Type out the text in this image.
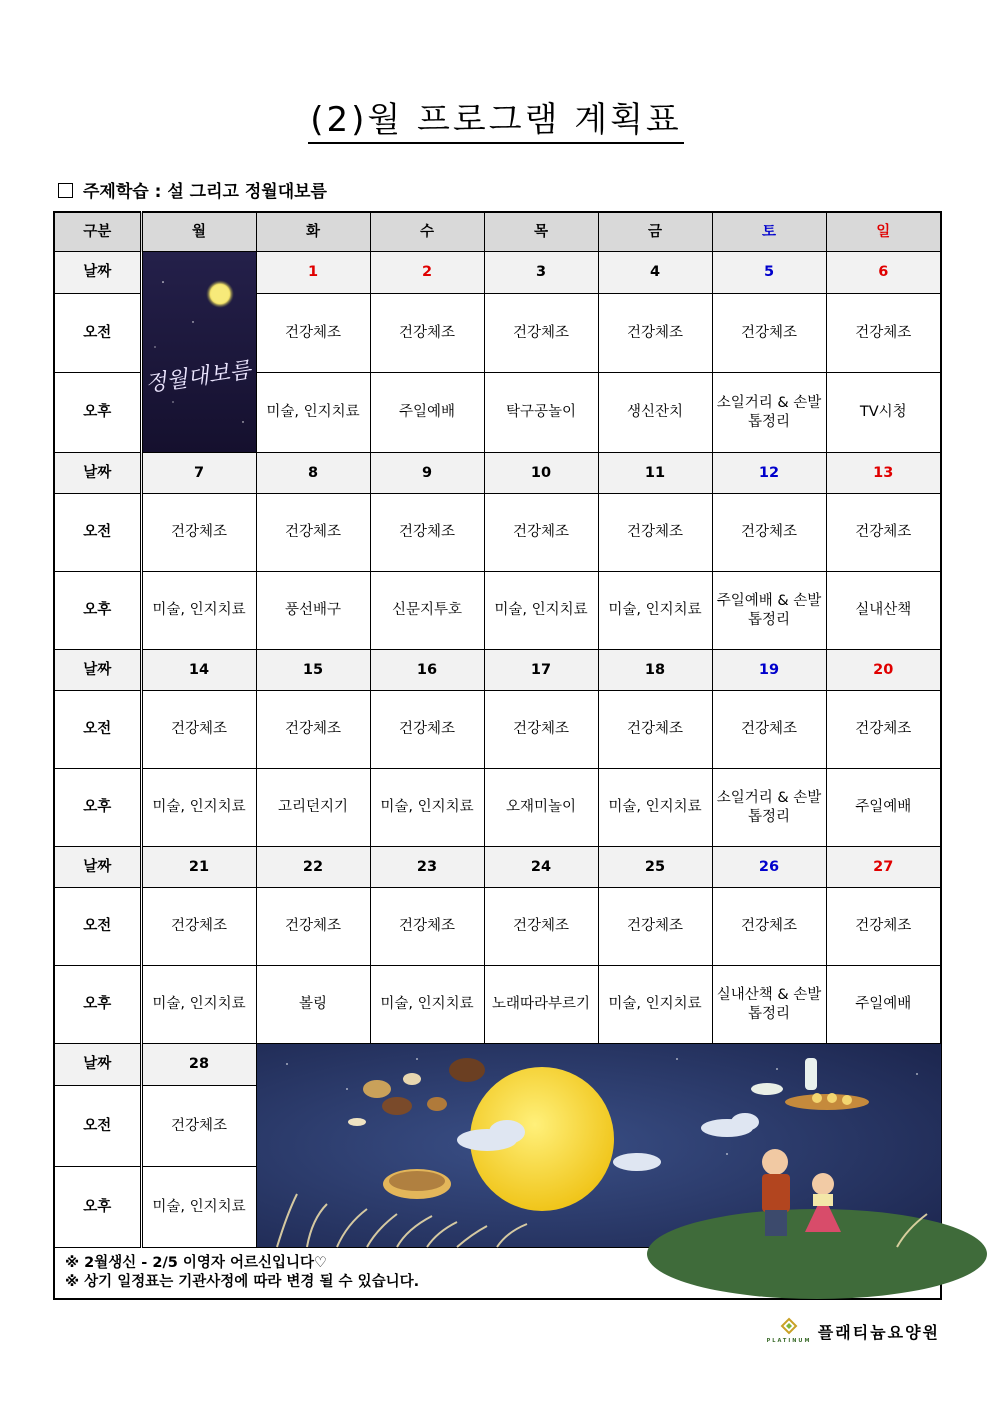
(2)월 프로그램 계획표
주제학습 : 설 그리고 정월대보름
구분	월	화	수	목	금	토	일
날짜	정월대보름	1	2	3	4	5	6
오전		건강체조	건강체조	건강체조	건강체조	건강체조	건강체조
오후		미술, 인지치료	주일예배	탁구공놀이	생신잔치	소일거리 & 손발톱정리	TV시청
날짜	7	8	9	10	11	12	13
오전	건강체조	건강체조	건강체조	건강체조	건강체조	건강체조	건강체조
오후	미술, 인지치료	풍선배구	신문지투호	미술, 인지치료	미술, 인지치료	주일예배 & 손발톱정리	실내산책
날짜	14	15	16	17	18	19	20
오전	건강체조	건강체조	건강체조	건강체조	건강체조	건강체조	건강체조
오후	미술, 인지치료	고리던지기	미술, 인지치료	오재미놀이	미술, 인지치료	소일거리 & 손발톱정리	주일예배
날짜	21	22	23	24	25	26	27
오전	건강체조	건강체조	건강체조	건강체조	건강체조	건강체조	건강체조
오후	미술, 인지치료	볼링	미술, 인지치료	노래따라부르기	미술, 인지치료	실내산책 & 손발톱정리	주일예배
날짜	28	

오전	건강체조						
오후	미술, 인지치료						

※ 2월생신 - 2/5 이영자 어르신입니다♡
※ 상기 일정표는 기관사정에 따라 변경 될 수 있습니다.							
PLATINUM 플래티늄요양원
